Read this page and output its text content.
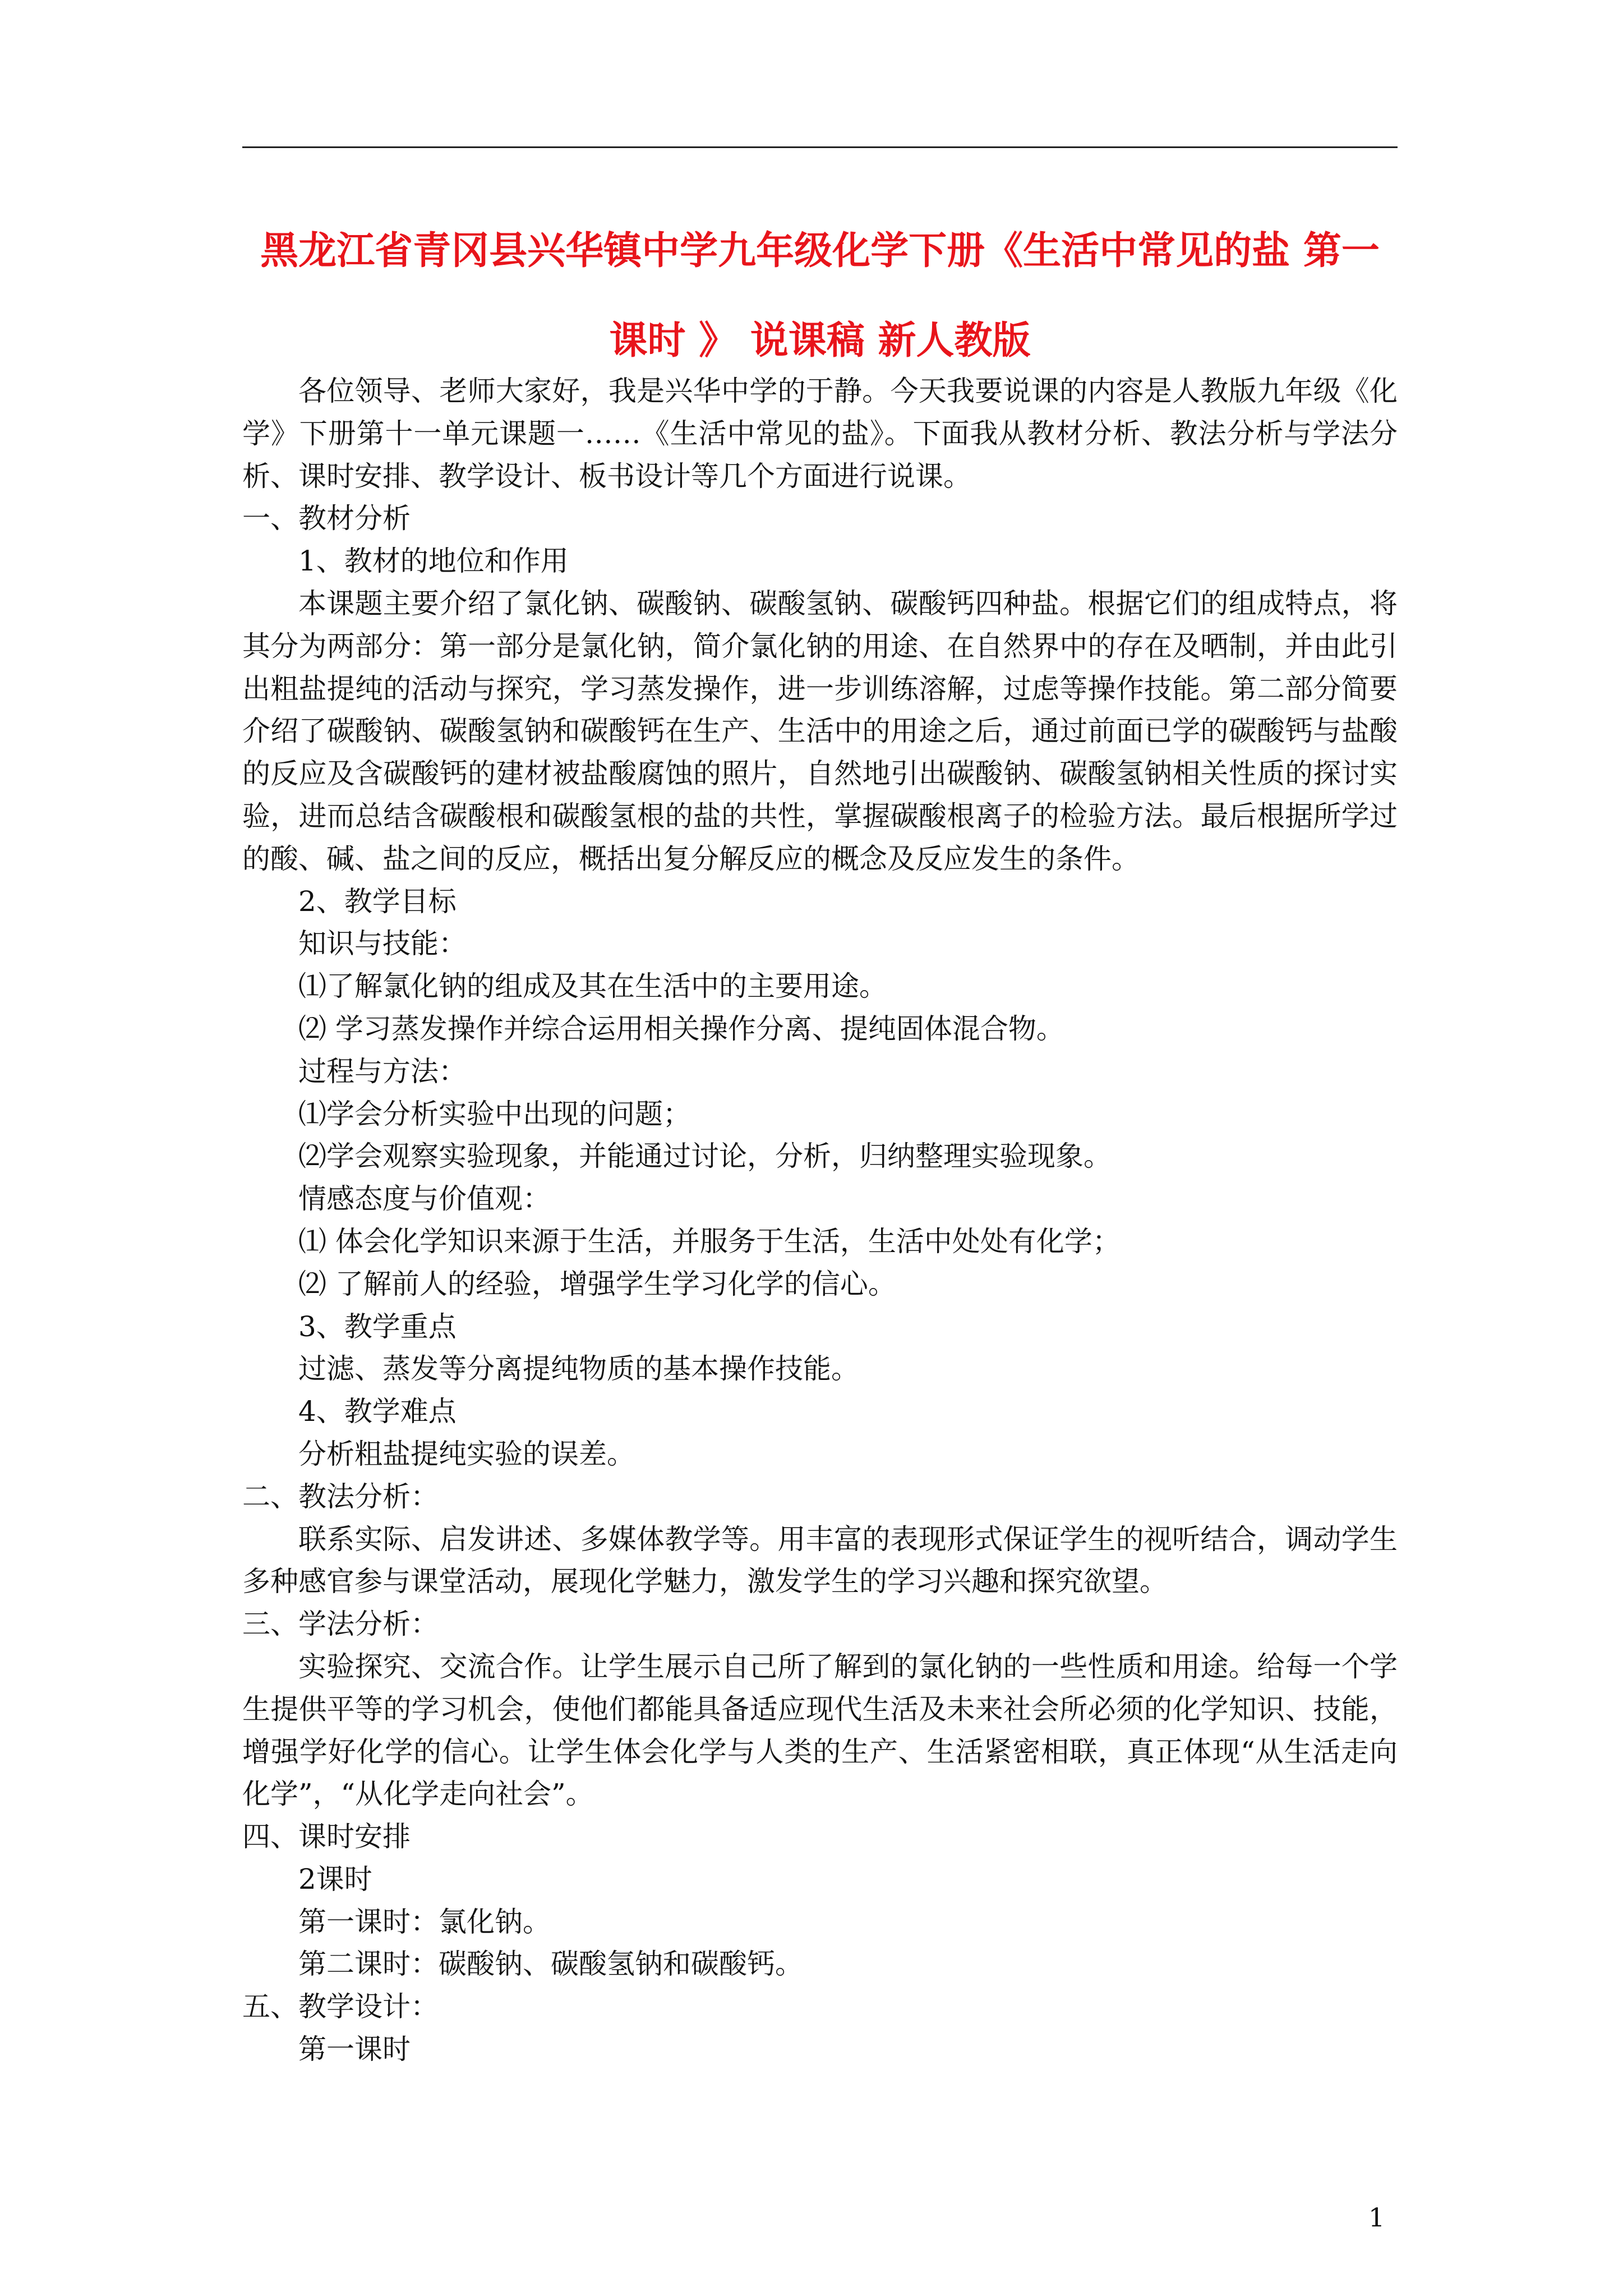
黑龙江省青冈县兴华镇中学九年级化学下册《生活中常见的盐 第一
课时 》 说课稿 新人教版

各位领导、老师大家好，我是兴华中学的于静。今天我要说课的内容是人教版九年级《化学》下册第十一单元课题一……《生活中常见的盐》。下面我从教材分析、教法分析与学法分析、课时安排、教学设计、板书设计等几个方面进行说课。

一、教材分析

1、教材的地位和作用

本课题主要介绍了氯化钠、碳酸钠、碳酸氢钠、碳酸钙四种盐。根据它们的组成特点，将其分为两部分：第一部分是氯化钠，简介氯化钠的用途、在自然界中的存在及晒制，并由此引出粗盐提纯的活动与探究，学习蒸发操作，进一步训练溶解，过虑等操作技能。第二部分简要介绍了碳酸钠、碳酸氢钠和碳酸钙在生产、生活中的用途之后，通过前面已学的碳酸钙与盐酸的反应及含碳酸钙的建材被盐酸腐蚀的照片，自然地引出碳酸钠、碳酸氢钠相关性质的探讨实验，进而总结含碳酸根和碳酸氢根的盐的共性，掌握碳酸根离子的检验方法。最后根据所学过的酸、碱、盐之间的反应，概括出复分解反应的概念及反应发生的条件。

2、教学目标

知识与技能：

⑴了解氯化钠的组成及其在生活中的主要用途。

⑵ 学习蒸发操作并综合运用相关操作分离、提纯固体混合物。

过程与方法：

⑴学会分析实验中出现的问题；

⑵学会观察实验现象，并能通过讨论，分析，归纳整理实验现象。

情感态度与价值观：

⑴ 体会化学知识来源于生活，并服务于生活，生活中处处有化学；

⑵ 了解前人的经验，增强学生学习化学的信心。

3、教学重点

过滤、蒸发等分离提纯物质的基本操作技能。

4、教学难点

分析粗盐提纯实验的误差。

二、教法分析：

联系实际、启发讲述、多媒体教学等。用丰富的表现形式保证学生的视听结合，调动学生多种感官参与课堂活动，展现化学魅力，激发学生的学习兴趣和探究欲望。

三、学法分析：

实验探究、交流合作。让学生展示自己所了解到的氯化钠的一些性质和用途。给每一个学生提供平等的学习机会，使他们都能具备适应现代生活及未来社会所必须的化学知识、技能，增强学好化学的信心。让学生体会化学与人类的生产、生活紧密相联，真正体现“从生活走向化学”，“从化学走向社会”。

四、课时安排

2课时

第一课时：氯化钠。

第二课时：碳酸钠、碳酸氢钠和碳酸钙。

五、教学设计：

第一课时

1
